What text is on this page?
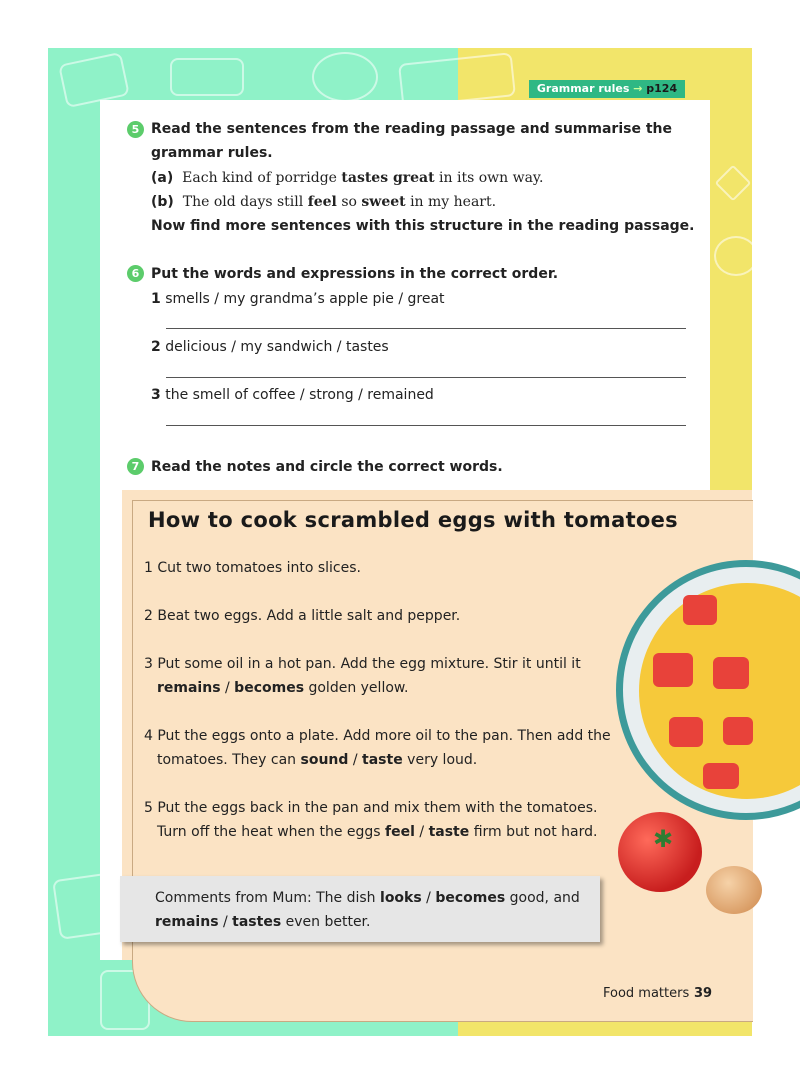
Grammar rules → p124
5 Read the sentences from the reading passage and summarise the
grammar rules.
(a) Each kind of porridge tastes great in its own way.
(b) The old days still feel so sweet in my heart.
Now find more sentences with this structure in the reading passage.
6 Put the words and expressions in the correct order.
1 smells / my grandma’s apple pie / great
2 delicious / my sandwich / tastes
3 the smell of coffee / strong / remained
7 Read the notes and circle the correct words.
How to cook scrambled eggs with tomatoes
✱
1 Cut two tomatoes into slices.
2 Beat two eggs. Add a little salt and pepper.
3 Put some oil in a hot pan. Add the egg mixture. Stir it until it
remains / becomes golden yellow.
4 Put the eggs onto a plate. Add more oil to the pan. Then add the
tomatoes. They can sound / taste very loud.
5 Put the eggs back in the pan and mix them with the tomatoes.
Turn off the heat when the eggs feel / taste firm but not hard.
Comments from Mum: The dish looks / becomes good, and
remains / tastes even better.
Food matters 39
